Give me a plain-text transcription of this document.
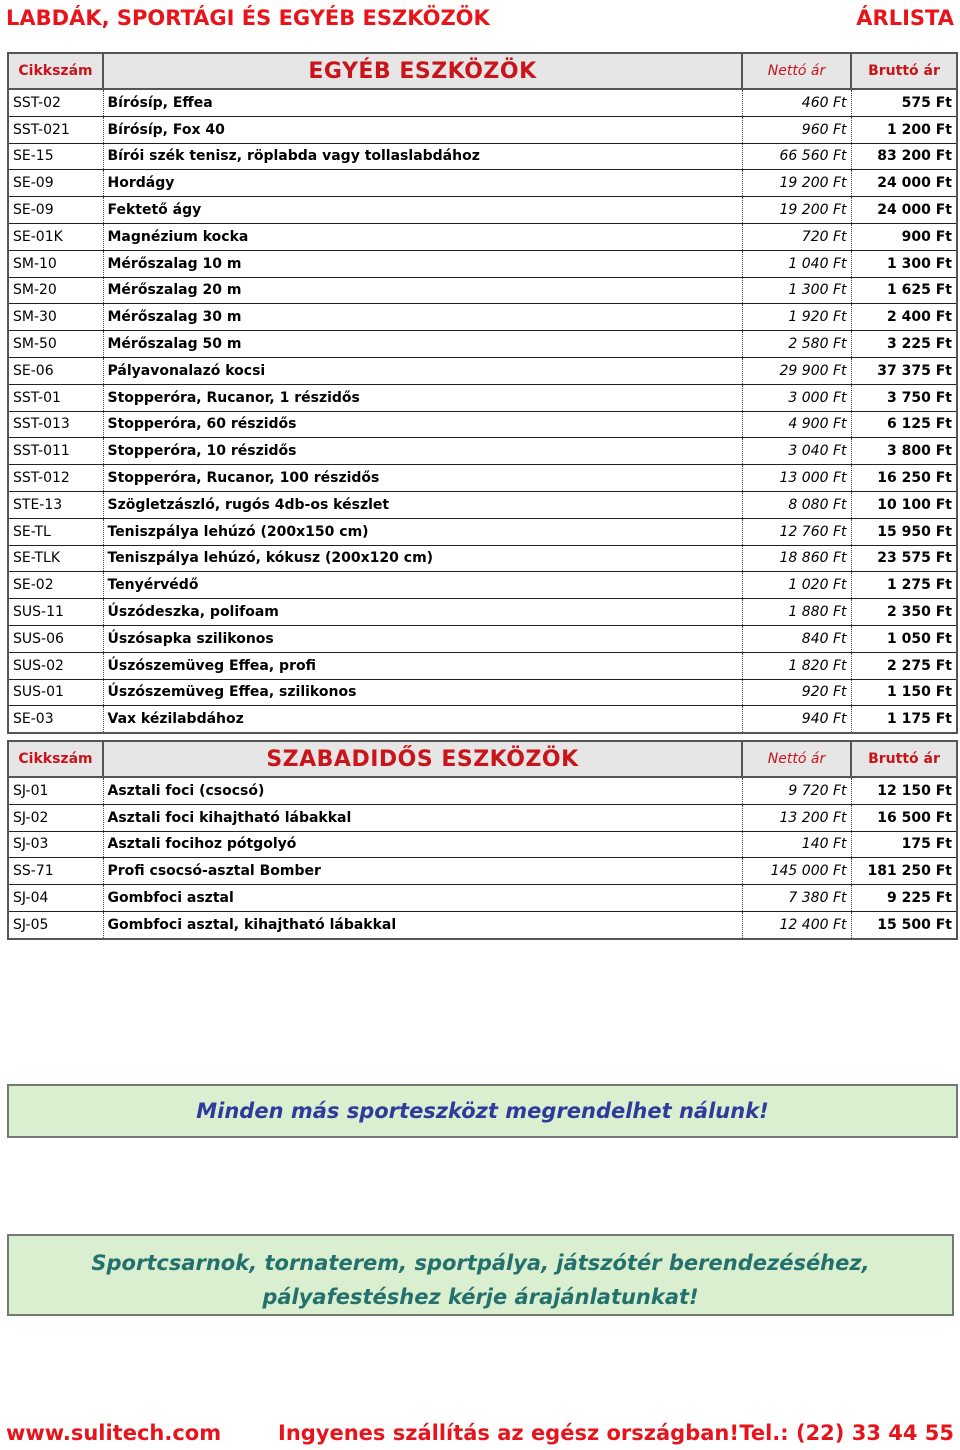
LABDÁK, SPORTÁGI ÉS EGYÉB ESZKÖZÖK	ÁRLISTA
Cikkszám	EGYÉB ESZKÖZÖK	Nettó ár	Bruttó ár
SST-02	Bírósíp, Effea	460 Ft	575 Ft
SST-021	Bírósíp, Fox 40	960 Ft	1 200 Ft
SE-15	Bírói szék tenisz, röplabda vagy tollaslabdához	66 560 Ft	83 200 Ft
SE-09	Hordágy	19 200 Ft	24 000 Ft
SE-09	Fektető ágy	19 200 Ft	24 000 Ft
SE-01K	Magnézium kocka	720 Ft	900 Ft
SM-10	Mérőszalag 10 m	1 040 Ft	1 300 Ft
SM-20	Mérőszalag 20 m	1 300 Ft	1 625 Ft
SM-30	Mérőszalag 30 m	1 920 Ft	2 400 Ft
SM-50	Mérőszalag 50 m	2 580 Ft	3 225 Ft
SE-06	Pályavonalazó kocsi	29 900 Ft	37 375 Ft
SST-01	Stopperóra, Rucanor, 1 részidős	3 000 Ft	3 750 Ft
SST-013	Stopperóra, 60 részidős	4 900 Ft	6 125 Ft
SST-011	Stopperóra, 10 részidős	3 040 Ft	3 800 Ft
SST-012	Stopperóra, Rucanor, 100 részidős	13 000 Ft	16 250 Ft
STE-13	Szögletzászló, rugós 4db-os készlet	8 080 Ft	10 100 Ft
SE-TL	Teniszpálya lehúzó (200x150 cm)	12 760 Ft	15 950 Ft
SE-TLK	Teniszpálya lehúzó, kókusz (200x120 cm)	18 860 Ft	23 575 Ft
SE-02	Tenyérvédő	1 020 Ft	1 275 Ft
SUS-11	Úszódeszka, polifoam	1 880 Ft	2 350 Ft
SUS-06	Úszósapka szilikonos	840 Ft	1 050 Ft
SUS-02	Úszószemüveg Effea, profi	1 820 Ft	2 275 Ft
SUS-01	Úszószemüveg Effea, szilikonos	920 Ft	1 150 Ft
SE-03	Vax kézilabdához	940 Ft	1 175 Ft
Cikkszám	SZABADIDŐS ESZKÖZÖK	Nettó ár	Bruttó ár
SJ-01	Asztali foci (csocsó)	9 720 Ft	12 150 Ft
SJ-02	Asztali foci kihajtható lábakkal	13 200 Ft	16 500 Ft
SJ-03	Asztali focihoz pótgolyó	140 Ft	175 Ft
SS-71	Profi csocsó-asztal Bomber	145 000 Ft	181 250 Ft
SJ-04	Gombfoci asztal	7 380 Ft	9 225 Ft
SJ-05	Gombfoci asztal, kihajtható lábakkal	12 400 Ft	15 500 Ft
Minden más sporteszközt megrendelhet nálunk!
Sportcsarnok, tornaterem, sportpálya, játszótér berendezéséhez,
pályafestéshez kérje árajánlatunkat!
www.sulitech.com	Ingyenes szállítás az egész országban! Tel.: (22) 33 44 55
